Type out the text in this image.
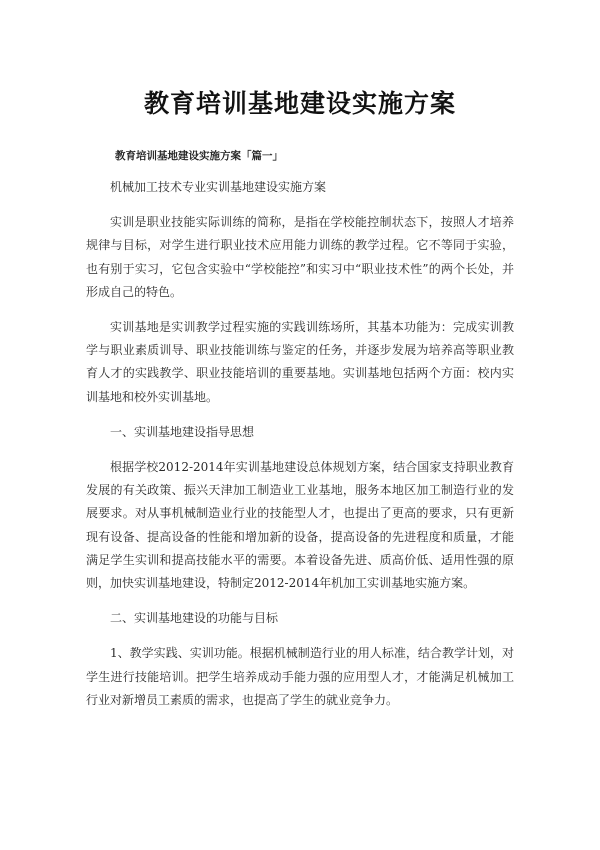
教育培训基地建设实施方案
教育培训基地建设实施方案「篇一」

机械加工技术专业实训基地建设实施方案

实训是职业技能实际训练的简称，是指在学校能控制状态下，按照人才培养规律与目标，对学生进行职业技术应用能力训练的教学过程。它不等同于实验，也有别于实习，它包含实验中“学校能控”和实习中“职业技术性”的两个长处，并形成自己的特色。

实训基地是实训教学过程实施的实践训练场所，其基本功能为：完成实训教学与职业素质训导、职业技能训练与鉴定的任务，并逐步发展为培养高等职业教育人才的实践教学、职业技能培训的重要基地。实训基地包括两个方面：校内实训基地和校外实训基地。

一、实训基地建设指导思想

根据学校2012-2014年实训基地建设总体规划方案，结合国家支持职业教育发展的有关政策、振兴天津加工制造业工业基地，服务本地区加工制造行业的发展要求。对从事机械制造业行业的技能型人才，也提出了更高的要求，只有更新现有设备、提高设备的性能和增加新的设备，提高设备的先进程度和质量，才能满足学生实训和提高技能水平的需要。本着设备先进、质高价低、适用性强的原则，加快实训基地建设，特制定2012-2014年机加工实训基地实施方案。

二、实训基地建设的功能与目标

1、教学实践、实训功能。根据机械制造行业的用人标准，结合教学计划，对学生进行技能培训。把学生培养成动手能力强的应用型人才，才能满足机械加工行业对新增员工素质的需求，也提高了学生的就业竞争力。
